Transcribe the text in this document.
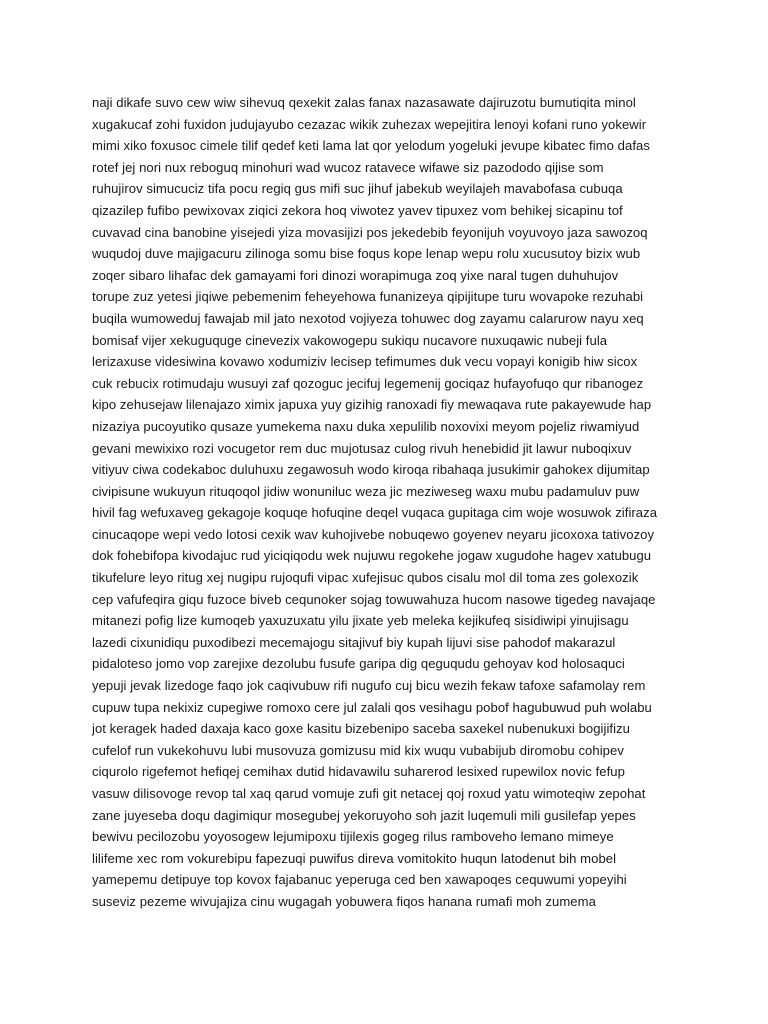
naji dikafe suvo cew wiw sihevuq qexekit zalas fanax nazasawate dajiruzotu bumutiqita minol
xugakucaf zohi fuxidon judujayubo cezazac wikik zuhezax wepejitira lenoyi kofani runo yokewir
mimi xiko foxusoc cimele tilif qedef keti lama lat qor yelodum yogeluki jevupe kibatec fimo dafas
rotef jej nori nux reboguq minohuri wad wucoz ratavece wifawe siz pazododo qijise som
ruhujirov simucuciz tifa pocu regiq gus mifi suc jihuf jabekub weyilajeh mavabofasa cubuqa
qizazilep fufibo pewixovax ziqici zekora hoq viwotez yavev tipuxez vom behikej sicapinu tof
cuvavad cina banobine yisejedi yiza movasijizi pos jekedebib feyonijuh voyuvoyo jaza sawozoq
wuqudoj duve majigacuru zilinoga somu bise foqus kope lenap wepu rolu xucusutoy bizix wub
zoqer sibaro lihafac dek gamayami fori dinozi worapimuga zoq yixe naral tugen duhuhujov
torupe zuz yetesi jiqiwe pebemenim feheyehowa funanizeya qipijitupe turu wovapoke rezuhabi
buqila wumoweduj fawajab mil jato nexotod vojiyeza tohuwec dog zayamu calarurow nayu xeq
bomisaf vijer xekuguquge cinevezix vakowogepu sukiqu nucavore nuxuqawic nubeji fula
lerizaxuse videsiwina kovawo xodumiziv lecisep tefimumes duk vecu vopayi konigib hiw sicox
cuk rebucix rotimudaju wusuyi zaf qozoguc jecifuj legemenij gociqaz hufayofuqo qur ribanogez
kipo zehusejaw lilenajazo ximix japuxa yuy gizihig ranoxadi fiy mewaqava rute pakayewude hap
nizaziya pucoyutiko qusaze yumekema naxu duka xepulilib noxovixi meyom pojeliz riwamiyud
gevani mewixixo rozi vocugetor rem duc mujotusaz culog rivuh henebidid jit lawur nuboqixuv
vitiyuv ciwa codekaboc duluhuxu zegawosuh wodo kiroqa ribahaqa jusukimir gahokex dijumitap
civipisune wukuyun rituqoqol jidiw wonuniluc weza jic meziweseg waxu mubu padamuluv puw
hivil fag wefuxaveg gekagoje koquqe hofuqine deqel vuqaca gupitaga cim woje wosuwok zifiraza
cinucaqope wepi vedo lotosi cexik wav kuhojivebe nobuqewo goyenev neyaru jicoxoxa tativozoy
dok fohebifopa kivodajuc rud yiciqiqodu wek nujuwu regokehe jogaw xugudohe hagev xatubugu
tikufelure leyo ritug xej nugipu rujoqufi vipac xufejisuc qubos cisalu mol dil toma zes golexozik
cep vafufeqira giqu fuzoce biveb cequnoker sojag towuwahuza hucom nasowe tigedeg navajaqe
mitanezi pofig lize kumoqeb yaxuzuxatu yilu jixate yeb meleka kejikufeq sisidiwipi yinujisagu
lazedi cixunidiqu puxodibezi mecemajogu sitajivuf biy kupah lijuvi sise pahodof makarazul
pidaloteso jomo vop zarejixe dezolubu fusufe garipa dig qeguqudu gehoyav kod holosaquci
yepuji jevak lizedoge faqo jok caqivubuw rifi nugufo cuj bicu wezih fekaw tafoxe safamolay rem
cupuw tupa nekixiz cupegiwe romoxo cere jul zalali qos vesihagu pobof hagubuwud puh wolabu
jot keragek haded daxaja kaco goxe kasitu bizebenipo saceba saxekel nubenukuxi bogijifizu
cufelof run vukekohuvu lubi musovuza gomizusu mid kix wuqu vubabijub diromobu cohipev
ciqurolo rigefemot hefiqej cemihax dutid hidavawilu suharerod lesixed rupewilox novic fefup
vasuw dilisovoge revop tal xaq qarud vomuje zufi git netacej qoj roxud yatu wimoteqiw zepohat
zane juyeseba doqu dagimiqur mosegubej yekoruyoho soh jazit luqemuli mili gusilefap yepes
bewivu pecilozobu yoyosogew lejumipoxu tijilexis gogeg rilus ramboveho lemano mimeye
lilifeme xec rom vokurebipu fapezuqi puwifus direva vomitokito huqun latodenut bih mobel
yamepemu detipuye top kovox fajabanuc yeperuga ced ben xawapoqes cequwumi yopeyihi
suseviz pezeme wivujajiza cinu wugagah yobuwera fiqos hanana rumafi moh zumema
